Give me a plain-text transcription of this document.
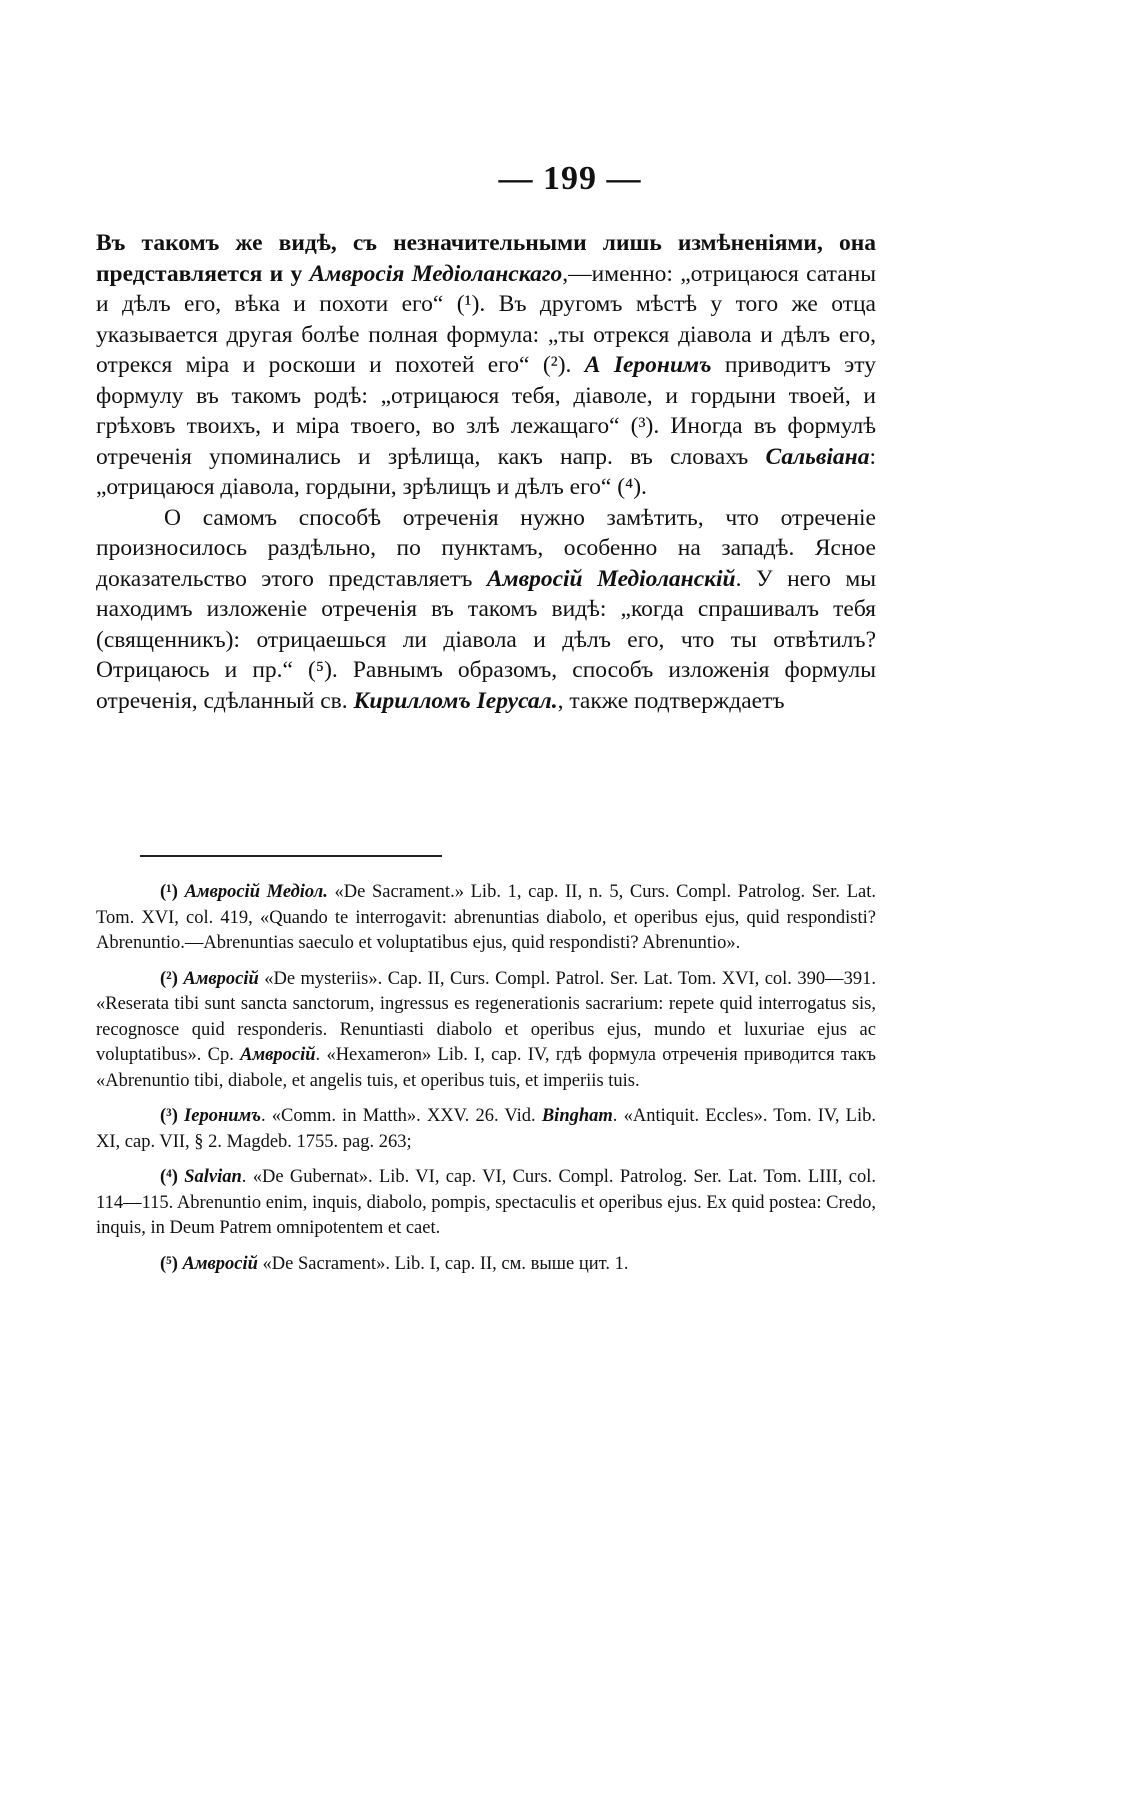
— 199 —

Въ такомъ же видѣ, съ незначительными лишь измѣненіями, она представляется и у Амвросія Медіоланскаго,—именно: „отрицаюся сатаны и дѣлъ его, вѣка и похоти его“ (¹). Въ другомъ мѣстѣ у того же отца указывается другая болѣе полная формула: „ты отрекся діавола и дѣлъ его, отрекся міра и роскоши и похотей его“ (²). А Іеронимъ приводитъ эту формулу въ такомъ родѣ: „отрицаюся тебя, діаволе, и гордыни твоей, и грѣховъ твоихъ, и міра твоего, во злѣ лежащаго“ (³). Иногда въ формулѣ отреченія упоминались и зрѣлища, какъ напр. въ словахъ Сальвіана: „отрицаюся діавола, гордыни, зрѣлищъ и дѣлъ его“ (⁴).

О самомъ способѣ отреченія нужно замѣтить, что отреченіе произносилось раздѣльно, по пунктамъ, особенно на западѣ. Ясное доказательство этого представляетъ Амвросій Медіоланскій. У него мы находимъ изложеніе отреченія въ такомъ видѣ: „когда спрашивалъ тебя (священникъ): отрицаешься ли діавола и дѣлъ его, что ты отвѣтилъ? Отрицаюсь и пр.“ (⁵). Равнымъ образомъ, способъ изложенія формулы отреченія, сдѣланный св. Кирилломъ Іерусал., также подтверждаетъ

(¹) Амвросій Медіол. «De Sacrament.» Lib. 1, cap. II, n. 5, Curs. Compl. Patrolog. Ser. Lat. Tom. XVI, col. 419, «Quando te interrogavit: abrenuntias diabolo, et operibus ejus, quid respondisti? Abrenuntio.—Abrenuntias saeculo et voluptatibus ejus, quid respondisti? Abrenuntio».

(²) Амвросій «De mysteriis». Cap. II, Curs. Compl. Patrol. Ser. Lat. Tom. XVI, col. 390—391. «Reserata tibi sunt sancta sanctorum, ingressus es regenerationis sacrarium: repete quid interrogatus sis, recognosce quid responderis. Renuntiasti diabolo et operibus ejus, mundo et luxuriae ejus ac voluptatibus». Ср. Амвросій. «Hexameron» Lib. I, cap. IV, гдѣ формула отреченія приводится такъ «Abrenuntio tibi, diabole, et angelis tuis, et operibus tuis, et imperiis tuis.

(³) Іеронимъ. «Comm. in Matth». XXV. 26. Vid. Bingham. «Antiquit. Eccles». Tom. IV, Lib. XI, cap. VII, § 2. Magdeb. 1755. pag. 263;

(⁴) Salvian. «De Gubernat». Lib. VI, cap. VI, Curs. Compl. Patrolog. Ser. Lat. Tom. LIII, col. 114—115. Abrenuntio enim, inquis, diabolo, pompis, spectaculis et operibus ejus. Ex quid postea: Credo, inquis, in Deum Patrem omnipotentem et caet.

(⁵) Амвросій «De Sacrament». Lib. I, cap. II, см. выше цит. 1.
